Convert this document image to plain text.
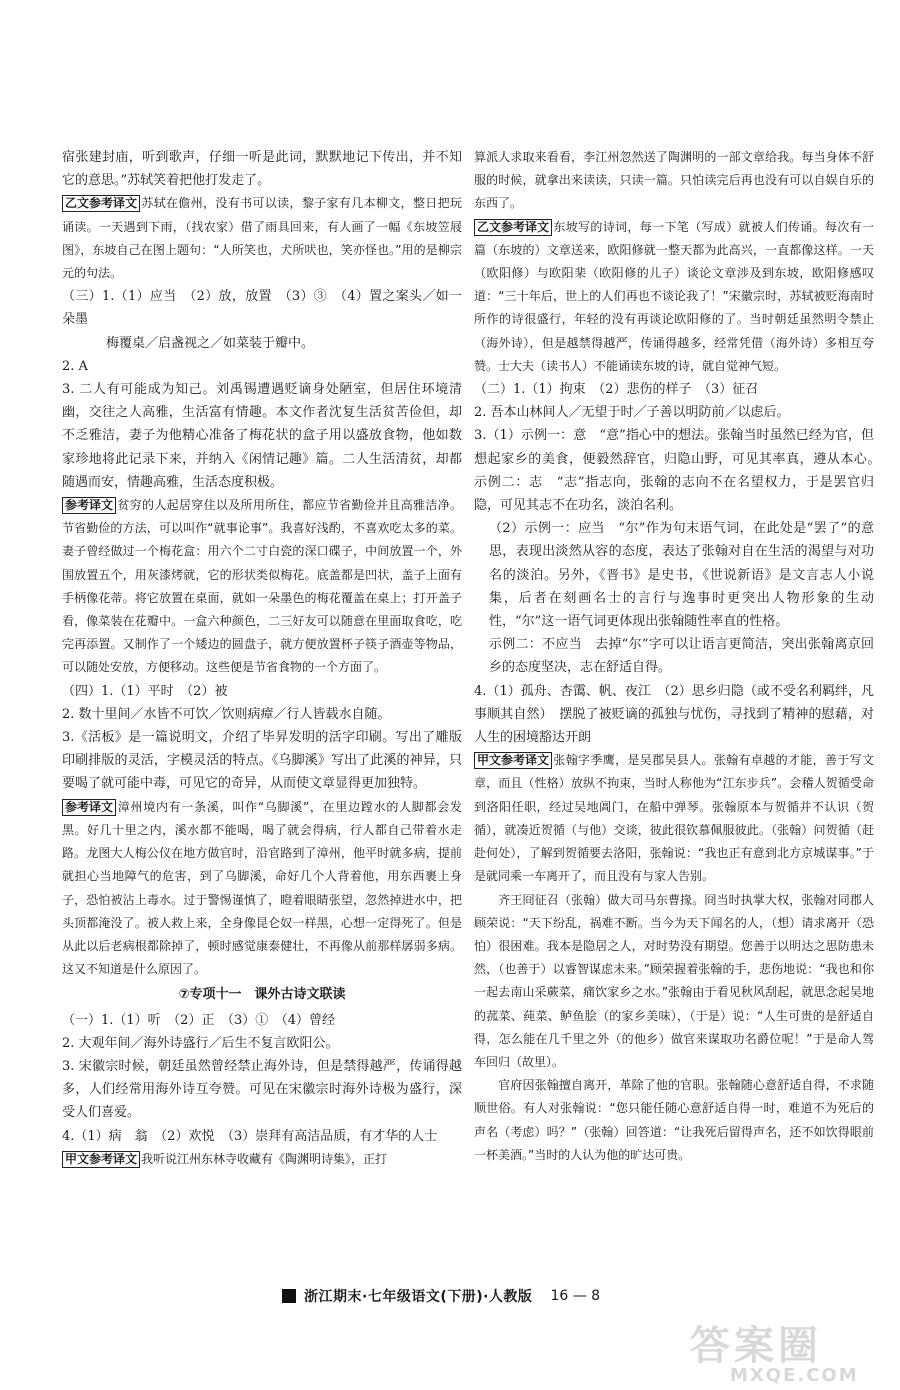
宿张建封庙，听到歌声，仔细一听是此词，默默地记下传出，并不知它的意思。”苏轼笑着把他打发走了。
乙文参考译文 苏轼在儋州，没有书可以读，黎子家有几本柳文，整日把玩诵读。一天遇到下雨，（找农家）借了雨具回来，有人画了一幅《东坡笠屐图》，东坡自己在图上题句：“人所笑也，犬所吠也，笑亦怪也。”用的是柳宗元的句法。
（三）1.（1）应当　（2）放，放置　（3）③　（4）置之案头／如一朵墨
梅覆桌／启盏视之／如菜装于瓣中。
2. A
3. 二人有可能成为知己。刘禹锡遭遇贬谪身处陋室，但居住环境清幽，交往之人高雅，生活富有情趣。本文作者沈复生活贫苦俭但，却不乏雅洁，妻子为他精心准备了梅花状的盒子用以盛放食物，他如数家珍地将此记录下来，并纳入《闲情记趣》篇。二人生活清贫，却都随遇而安，情趣高雅，生活态度积极。
参考译文 贫穷的人起居穿住以及所用所住，都应节省勤俭并且高雅洁净。节省勤俭的方法，可以叫作“就事论事”。我喜好浅酌，不喜欢吃太多的菜。妻子曾经做过一个梅花盒：用六个二寸白瓷的深口碟子，中间放置一个，外围放置五个，用灰漆烤就，它的形状类似梅花。底盖都是凹状，盖子上面有手柄像花蒂。将它放置在桌面，就如一朵墨色的梅花覆盖在桌上；打开盖子看，像菜装在花瓣中。一盒六种颜色，二三好友可以随意在里面取食吃，吃完再添置。又制作了一个矮边的圆盘子，就方便放置杯子筷子酒壶等物品，可以随处安放，方便移动。这些便是节省食物的一个方面了。
（四）1.（1）平时　（2）被
2. 数十里间／水皆不可饮／饮则病瘴／行人皆载水自随。
3.《活板》是一篇说明文，介绍了毕昇发明的活字印刷。写出了雕版印刷排版的灵活，字模灵活的特点。《乌脚溪》写出了此溪的神异，只要喝了就可能中毒，可见它的奇异，从而使文章显得更加独特。
参考译文 漳州境内有一条溪，叫作“乌脚溪”，在里边蹚水的人脚都会发黑。好几十里之内，溪水都不能喝，喝了就会得病，行人都自己带着水走路。龙图大人梅公仪在地方做官时，沿官路到了漳州，他平时就多病，提前就担心当地障气的危害，到了乌脚溪，命好几个人背着他，用东西裹上身子，恐怕被沾上毒水。过于警惕谨慎了，瞪着眼睛张望，忽然掉进水中，把头顶都淹没了。被人救上来，全身像昆仑奴一样黑，心想一定得死了。但是从此以后老病根都除掉了，顿时感觉康泰健壮，不再像从前那样孱弱多病。这又不知道是什么原因了。
⑦专项十一　课外古诗文联读
（一）1.（1）听　（2）正　（3）①　（4）曾经
2. 大观年间／海外诗盛行／后生不复言欧阳公。
3. 宋徽宗时候，朝廷虽然曾经禁止海外诗，但是禁得越严，传诵得越多，人们经常用海外诗互夸赞。可见在宋徽宗时海外诗极为盛行，深受人们喜爱。
4.（1）病　翁　（2）欢悦　（3）崇拜有高洁品质，有才华的人士
甲文参考译文 我听说江州东林寺收藏有《陶渊明诗集》，正打
算派人求取来看看，李江州忽然送了陶渊明的一部文章给我。每当身体不舒服的时候，就拿出来读读，只读一篇。只怕读完后再也没有可以自娱自乐的东西了。
乙文参考译文 东坡写的诗词，每一下笔（写成）就被人们传诵。每次有一篇（东坡的）文章送来，欧阳修就一整天都为此高兴，一直都像这样。一天（欧阳修）与欧阳棐（欧阳修的儿子）谈论文章涉及到东坡，欧阳修感叹道：“三十年后，世上的人们再也不谈论我了！”宋徽宗时，苏轼被贬海南时所作的诗很盛行，年轻的没有再谈论欧阳修的了。当时朝廷虽然明令禁止（海外诗），但是越禁得越严，传诵得越多，经常凭借（海外诗）多相互夸赞。士大夫（读书人）不能诵读东坡的诗，就自觉神气短。
（二）1.（1）拘束　（2）悲伤的样子　（3）征召
2. 吾本山林间人／无望于时／子善以明防前／以虑后。
3.（1）示例一：意　“意”指心中的想法。张翰当时虽然已经为官，但想起家乡的美食，便毅然辞官，归隐山野，可见其率真，遵从本心。　示例二：志　“志”指志向，张翰的志向不在名望权力，于是罢官归隐，可见其志不在功名，淡泊名利。
（2）示例一：应当　“尔”作为句末语气词，在此处是“罢了”的意思，表现出淡然从容的态度，表达了张翰对自在生活的渴望与对功名的淡泊。另外，《晋书》是史书，《世说新语》是文言志人小说集，后者在刻画名士的言行与逸事时更突出人物形象的生动性，“尔”这一语气词更体现出张翰随性率直的性格。
示例二：不应当　去掉“尔”字可以让语言更简洁，突出张翰离京回乡的态度坚决，志在舒适自得。
4.（1）孤舟、杏霭、帆、夜江　（2）思乡归隐（或不受名利羁绊，凡事顺其自然）　摆脱了被贬谪的孤独与忧伤，寻找到了精神的慰藉，对人生的困境豁达开朗
甲文参考译文 张翰字季鹰，是吴郡吴县人。张翰有卓越的才能，善于写文章，而且（性格）放纵不拘束，当时人称他为“江东步兵”。会稽人贺循受命到洛阳任职，经过吴地阊门，在船中弹琴。张翰原本与贺循并不认识（贺循），就凑近贺循（与他）交谈，彼此很钦慕佩服彼此。（张翰）问贺循（赶赴何处），了解到贺循要去洛阳，张翰说：“我也正有意到北方京城谋事。”于是就同乘一车离开了，而且没有与家人告别。
　　齐王冏征召（张翰）做大司马东曹掾。冏当时执掌大权，张翰对同郡人顾荣说：“天下纷乱，祸难不断。当今为天下闻名的人，（想）请求离开（恐怕）很困难。我本是隐居之人，对时势没有期望。您善于以明达之思防患未然，（也善于）以睿智谋虑未来。”顾荣握着张翰的手，悲伤地说：“我也和你一起去南山采蕨菜，痛饮家乡之水。”张翰由于看见秋风刮起，就思念起吴地的菰菜、莼菜、鲈鱼脍（的家乡美味），（于是）说：“人生可贵的是舒适自得，怎么能在几千里之外（的他乡）做官来谋取功名爵位呢！”于是命人驾车回归（故里）。
　　官府因张翰擅自离开，革除了他的官职。张翰随心意舒适自得，不求随顺世俗。有人对张翰说：“您只能任随心意舒适自得一时，难道不为死后的声名（考虑）吗？”（张翰）回答道：“让我死后留得声名，还不如饮得眼前一杯美酒。”当时的人认为他的旷达可贵。
浙江期末·七年级语文(下册)·人教版 16 — 8
答案圈
MXQE.COM
